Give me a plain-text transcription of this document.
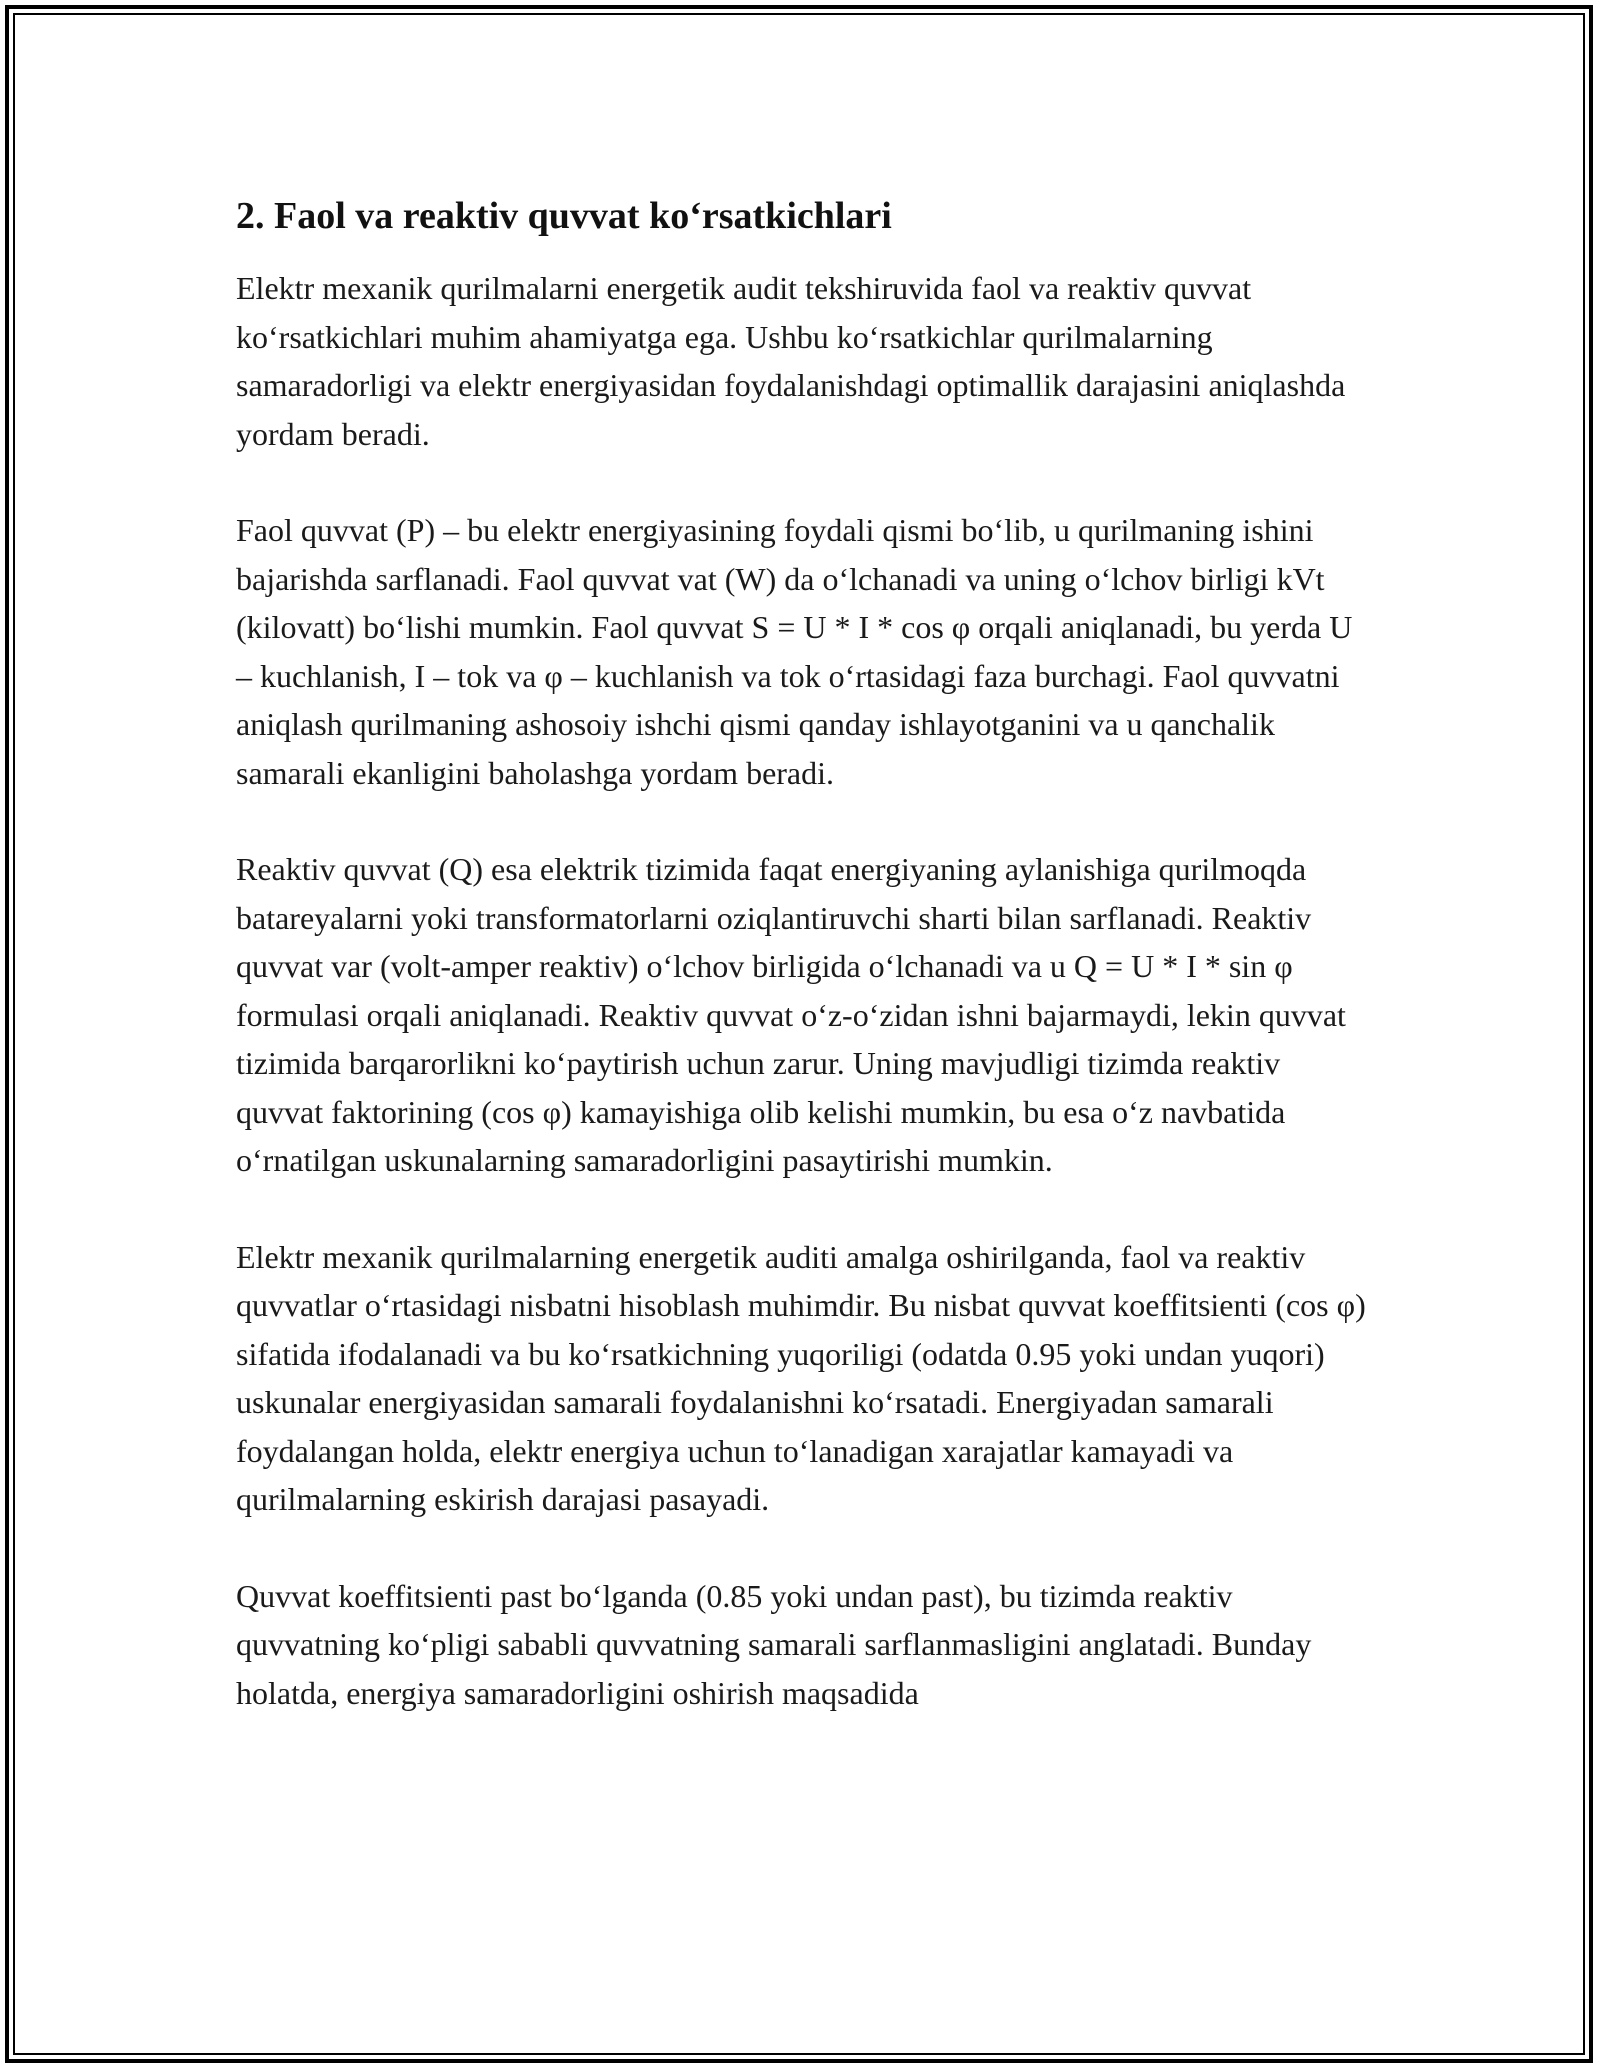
2. Faol va reaktiv quvvat ko‘rsatkichlari

Elektr mexanik qurilmalarni energetik audit tekshiruvida faol va reaktiv quvvat ko‘rsatkichlari muhim ahamiyatga ega. Ushbu ko‘rsatkichlar qurilmalarning samaradorligi va elektr energiyasidan foydalanishdagi optimallik darajasini aniqlashda yordam beradi.

Faol quvvat (P) – bu elektr energiyasining foydali qismi bo‘lib, u qurilmaning ishini bajarishda sarflanadi. Faol quvvat vat (W) da o‘lchanadi va uning o‘lchov birligi kVt (kilovatt) bo‘lishi mumkin. Faol quvvat S = U * I * cos φ orqali aniqlanadi, bu yerda U – kuchlanish, I – tok va φ – kuchlanish va tok o‘rtasidagi faza burchagi. Faol quvvatni aniqlash qurilmaning ashosoiy ishchi qismi qanday ishlayotganini va u qanchalik samarali ekanligini baholashga yordam beradi.

Reaktiv quvvat (Q) esa elektrik tizimida faqat energiyaning aylanishiga qurilmoqda batareyalarni yoki transformatorlarni oziqlantiruvchi sharti bilan sarflanadi. Reaktiv quvvat var (volt-amper reaktiv) o‘lchov birligida o‘lchanadi va u Q = U * I * sin φ formulasi orqali aniqlanadi. Reaktiv quvvat o‘z-o‘zidan ishni bajarmaydi, lekin quvvat tizimida barqarorlikni ko‘paytirish uchun zarur. Uning mavjudligi tizimda reaktiv quvvat faktorining (cos φ) kamayishiga olib kelishi mumkin, bu esa o‘z navbatida o‘rnatilgan uskunalarning samaradorligini pasaytirishi mumkin.

Elektr mexanik qurilmalarning energetik auditi amalga oshirilganda, faol va reaktiv quvvatlar o‘rtasidagi nisbatni hisoblash muhimdir. Bu nisbat quvvat koeffitsienti (cos φ) sifatida ifodalanadi va bu ko‘rsatkichning yuqoriligi (odatda 0.95 yoki undan yuqori) uskunalar energiyasidan samarali foydalanishni ko‘rsatadi. Energiyadan samarali foydalangan holda, elektr energiya uchun to‘lanadigan xarajatlar kamayadi va qurilmalarning eskirish darajasi pasayadi.

Quvvat koeffitsienti past bo‘lganda (0.85 yoki undan past), bu tizimda reaktiv quvvatning ko‘pligi sababli quvvatning samarali sarflanmasligini anglatadi. Bunday holatda, energiya samaradorligini oshirish maqsadida
